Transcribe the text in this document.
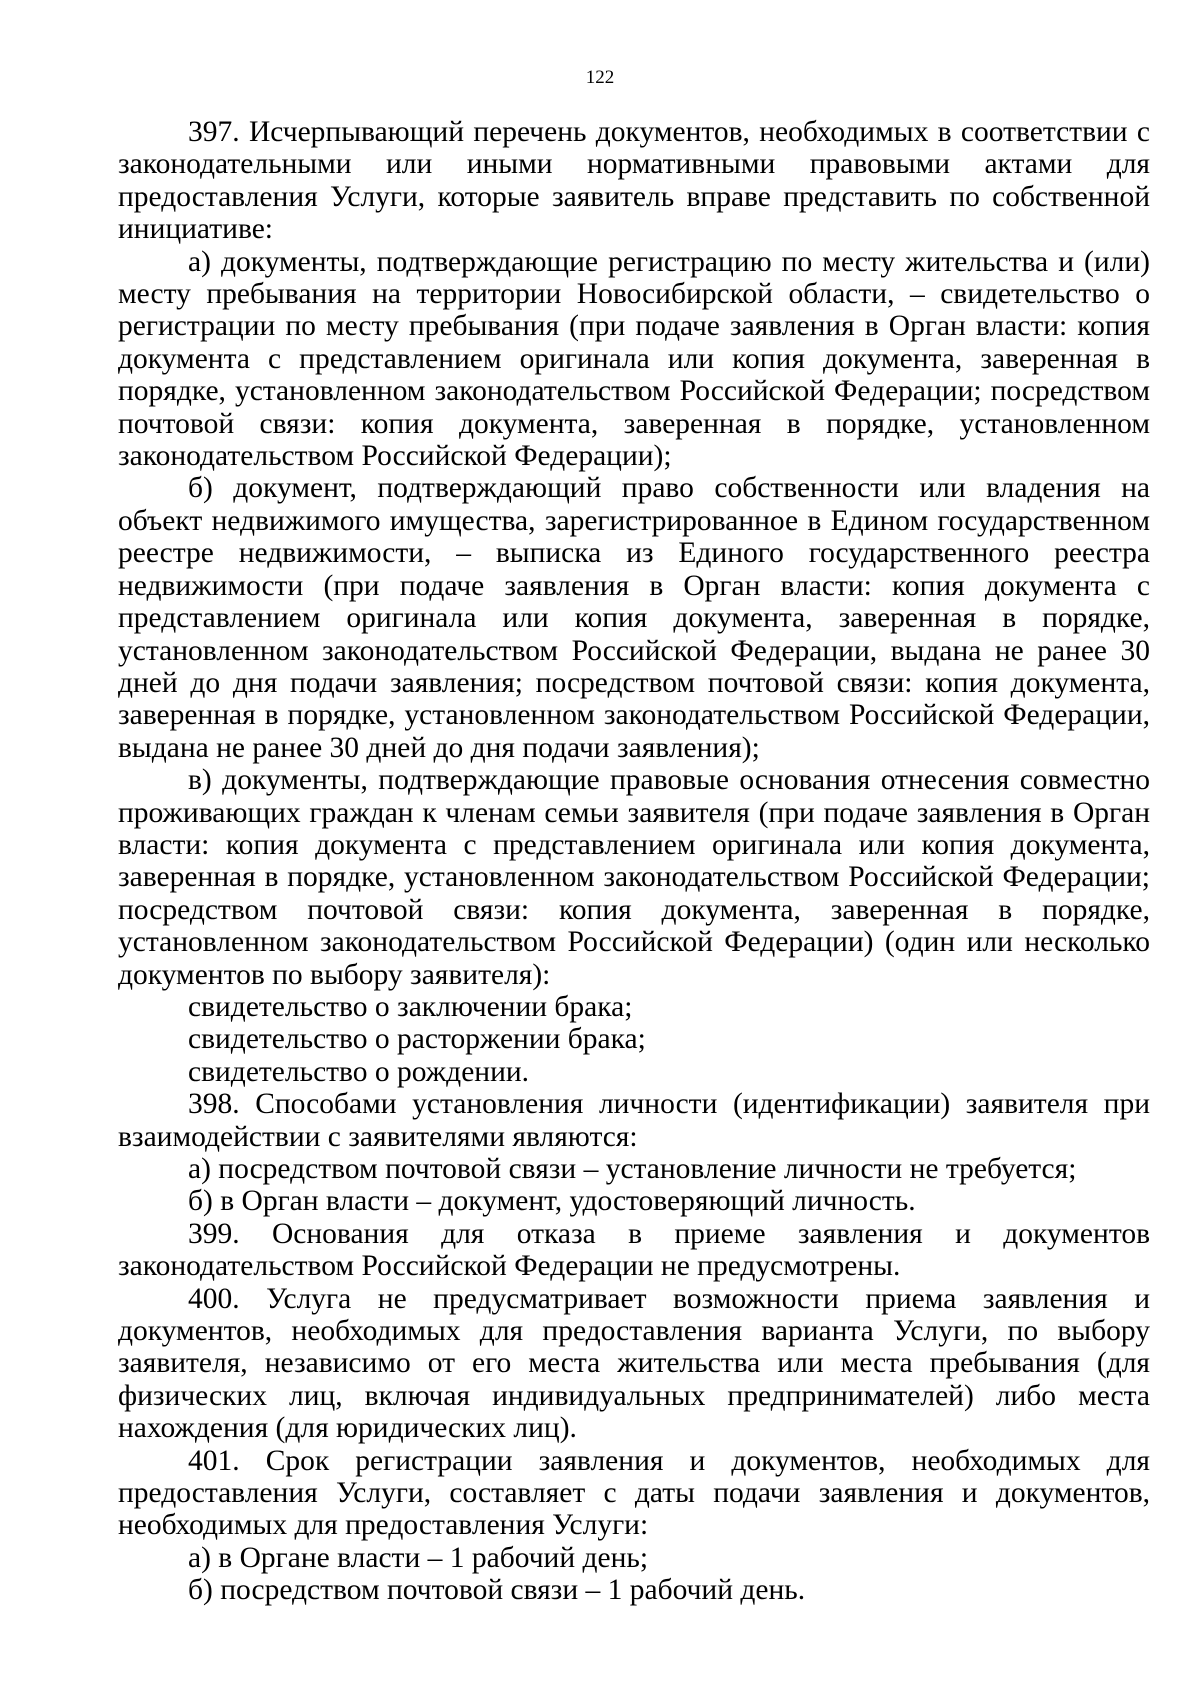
122

397. Исчерпывающий перечень документов, необходимых в соответствии с законодательными или иными нормативными правовыми актами для предоставления Услуги, которые заявитель вправе представить по собственной инициативе:

а) документы, подтверждающие регистрацию по месту жительства и (или) месту пребывания на территории Новосибирской области, – свидетельство о регистрации по месту пребывания (при подаче заявления в Орган власти: копия документа с представлением оригинала или копия документа, заверенная в порядке, установленном законодательством Российской Федерации; посредством почтовой связи: копия документа, заверенная в порядке, установленном законодательством Российской Федерации);

б) документ, подтверждающий право собственности или владения на объект недвижимого имущества, зарегистрированное в Едином государственном реестре недвижимости, – выписка из Единого государственного реестра недвижимости (при подаче заявления в Орган власти: копия документа с представлением оригинала или копия документа, заверенная в порядке, установленном законодательством Российской Федерации, выдана не ранее 30 дней до дня подачи заявления; посредством почтовой связи: копия документа, заверенная в порядке, установленном законодательством Российской Федерации, выдана не ранее 30 дней до дня подачи заявления);

в) документы, подтверждающие правовые основания отнесения совместно проживающих граждан к членам семьи заявителя (при подаче заявления в Орган власти: копия документа с представлением оригинала или копия документа, заверенная в порядке, установленном законодательством Российской Федерации; посредством почтовой связи: копия документа, заверенная в порядке, установленном законодательством Российской Федерации) (один или несколько документов по выбору заявителя):

свидетельство о заключении брака;

свидетельство о расторжении брака;

свидетельство о рождении.

398. Способами установления личности (идентификации) заявителя при взаимодействии с заявителями являются:

а) посредством почтовой связи – установление личности не требуется;

б) в Орган власти – документ, удостоверяющий личность.

399. Основания для отказа в приеме заявления и документов законодательством Российской Федерации не предусмотрены.

400. Услуга не предусматривает возможности приема заявления и документов, необходимых для предоставления варианта Услуги, по выбору заявителя, независимо от его места жительства или места пребывания (для физических лиц, включая индивидуальных предпринимателей) либо места нахождения (для юридических лиц).

401. Срок регистрации заявления и документов, необходимых для предоставления Услуги, составляет с даты подачи заявления и документов, необходимых для предоставления Услуги:

а) в Органе власти – 1 рабочий день;

б) посредством почтовой связи – 1 рабочий день.
